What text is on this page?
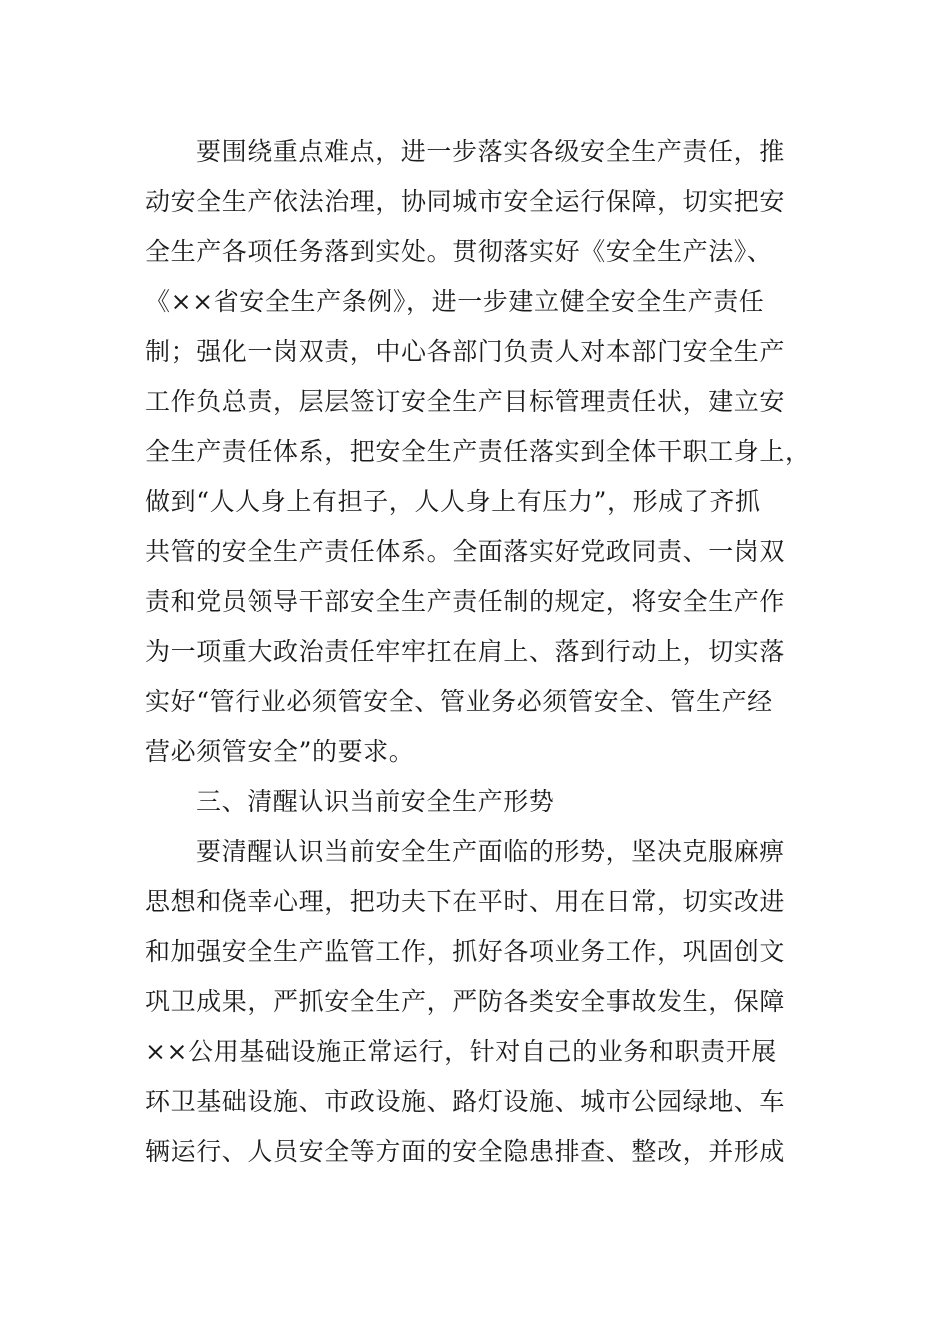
要围绕重点难点，进一步落实各级安全生产责任，推
动安全生产依法治理，协同城市安全运行保障，切实把安
全生产各项任务落到实处。贯彻落实好《安全生产法》、
《××省安全生产条例》，进一步建立健全安全生产责任
制；强化一岗双责，中心各部门负责人对本部门安全生产
工作负总责，层层签订安全生产目标管理责任状，建立安
全生产责任体系，把安全生产责任落实到全体干职工身上，
做到“人人身上有担子，人人身上有压力”，形成了齐抓
共管的安全生产责任体系。全面落实好党政同责、一岗双
责和党员领导干部安全生产责任制的规定，将安全生产作
为一项重大政治责任牢牢扛在肩上、落到行动上，切实落
实好“管行业必须管安全、管业务必须管安全、管生产经
营必须管安全”的要求。
三、清醒认识当前安全生产形势
要清醒认识当前安全生产面临的形势，坚决克服麻痹
思想和侥幸心理，把功夫下在平时、用在日常，切实改进
和加强安全生产监管工作，抓好各项业务工作，巩固创文
巩卫成果，严抓安全生产，严防各类安全事故发生，保障
××公用基础设施正常运行，针对自己的业务和职责开展
环卫基础设施、市政设施、路灯设施、城市公园绿地、车
辆运行、人员安全等方面的安全隐患排查、整改，并形成
